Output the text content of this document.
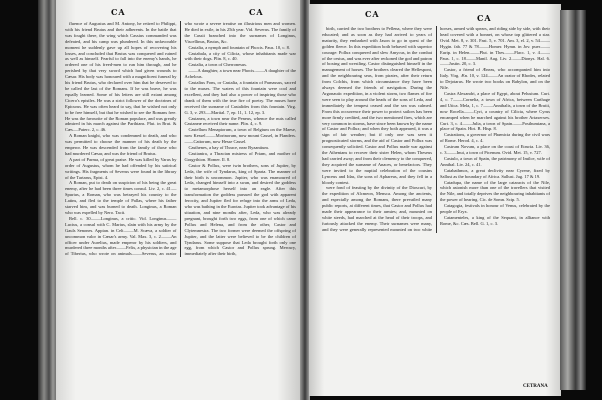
CA	CA

fluence of Augustus and M. Antony, he retired to Philippi, with his friend Brutus and their adherents. In the battle that was fought there, the wing which Cassius commanded was defeated, and his camp was plundered. In this unfavorable moment he suddenly gave up all hopes of recovering his losses, and concluded that Brutus was conquered and ruined as well as himself. Fearful to fall into the enemy's hands, he ordered one of his freed-men to run him through, and he perished by that very sword which had given wounds to Cæsar. His body was honoured with a magnificent funeral by his friend Brutus, who declared over him that he deserved to be called the last of the Romans. If he was brave, he was equally learned. Some of his letters are still extant among Cicero's epistles. He was a strict follower of the doctrines of Epicurus. He was often heard to say, that he wished not only to be free himself, but that he wished to see the Romans free. He was the favourite of the Roman populace, and was greatly admired in his march against the Parthians. Plut. in Brut. & Cæs.—Paterc. 2, c. 46.

A Roman knight, who was condemned to death, and who was permitted to choose the manner of his death by the emperor. He was descended from the family of those who had murdered Cæsar, and was the friend of Brutus.

A part of Parma, of great praise. He was killed by Varus by order of Augustus, whom he had offended by his satirical writings. His fragments of Severus were found in the library of the Tartarus, Epist. 4.

A Roman, put to death on suspicion of his being the great enemy, after he had been three times consul. Liv. 2, c. 41.—Spurius, a Roman, who was betrayed his country to the Latins, and fled to the temple of Pallas, where his father starved him, and was burned to death. Longinus, a Roman who was expelled by Nero. Tacit.

Bell. c. 30.——Longinus, a critic. Vid. Longinus.——Lucius, a consul with C. Marius, slain with his army by the Gauls Senones. Appian. in Celt.——M. Scæva, a soldier of uncommon valor in Cæsar's army. Val. Max. 3, c. 2.——An officer under Aurelius, made emperor by his soldiers, and murdered three months after.——Felix, a physician in the age of Tiberius, who wrote on animals.——Severus, an orator who wrote a severe treatise on illustrious men and women. He died in exile, in his 25th year. Vid. Severus. The family of the Cassii branched into the surnames of Longinus, Viscellinus, Brutus, &c.

Castalia, a nymph and fountain of Phocis. Paus. 10, c. 8.

Castabala, a city of Cilicia, whose inhabitants made war with their dogs. Plin. 8, c. 40.

Castalia, a town of Cherronesus.

——A daughter, a town near Phocis.——A daughter of the Achelous.

Castalius Fons, or Castalia, a fountain of Parnassus, sacred to the muses. The waters of this fountain were cool and excellent, and they had also a power of inspiring those who drank of them with the true fire of poetry. The muses have received the surname of Castalides from this fountain. Virg. G. 3, v. 293.—Martial. 7, ep. 11, 1. 12, ep. 3.

Castanea, a town near the Peneus, whence the nuts called Castaneæ received their name. Plin. 4, c. 9.

Castellum Menapiorum, a town of Belgium on the Maese, now Kessel.——Morinorum, now mount Cassel, in Flanders.——Cattorum, now Hesse Cassel.

Casthenes, a bay of Thrace, near Byzantium.

Castianira, a Thracian mistress of Priam, and mother of Gorgythion. Homer. Il. 8.

Castor & Pollux, were twin brothers, sons of Jupiter, by Leda, the wife of Tyndarus, king of Sparta. The manner of their birth is uncommon. Jupiter, who was enamoured of Leda, changed himself into a swan, and desired the goddess to metamorphose herself into an eagle. After this transformation the goddess pursued the god with apparent ferocity, and Jupiter fled for refuge into the arms of Leda, who was bathing in the Eurotas. Jupiter took advantage of his situation, and nine months after, Leda, who was already pregnant, brought forth two eggs, from one of which came Pollux and Helena, and from the other, Castor and Clytemnestra. The two former were deemed the offspring of Jupiter, and the latter were believed to be the children of Tyndarus. Some suppose that Leda brought forth only one egg, from which Castor and Pollux sprung. Mercury, immediately after their birth,

CA	CA

birth, carried the two brothers to Pellena, where they were educated; and as soon as they had arrived to years of maturity, they embarked with Jason to go in quest of the golden fleece. In this expedition both behaved with superior courage: Pollux conquered and slew Amycus, in the combat of the cestus, and was ever after reckoned the god and patron of boxing and wrestling. Castor distinguished himself in the management of horses. The brothers cleared the Hellespont, and the neighbouring seas, from pirates, after their return from Colchis, from which circumstance they have been always deemed the friends of navigation. During the Argonautic expedition, in a violent storm, two flames of fire were seen to play around the heads of the sons of Leda, and immediately the tempest ceased and the sea was calmed. From this occurrence their power to protect sailors has been more firmly credited, and the two mentioned fires, which are very common in storms, have since been known by the name of Castor and Pollux; and when they both appeared, it was a sign of fair weather; but if only one was seen it prognosticated storms, and the aid of Castor and Pollux was consequently solicited. Castor and Pollux made war against the Athenians to recover their sister Helen, whom Theseus had carried away; and from their clemency to the conquered, they acquired the surname of Anaces, or benefactors. They were invited to the nuptial celebration of the cousins Lynceus and Idas, the sons of Aphareus, and they fell in a bloody contest.

were fond of feasting by the divinity of the Dioscuri, by the expedition of Alcmeon, Mensca. Among the ancients, and especially among the Romans, there prevailed many public reports, at different times, that Castor and Pollux had made their appearance to their armies; and, mounted on white steeds, had marched at the head of their troops, and furiously attacked the enemy. Their surnames were many, and they were generally represented mounted on two white horses, armed with spears, and riding side by side, with their head covered with a bonnet, on whose top glittered a star. Ovid. Met. 8, v. 301. Fast. 5, v. 701. Am. 3, el. 2, v. 54.——Hygin. fab. 77 & 78.——Homer. Hymn. in Jov. puer.——Eurip. in Helen.——Plut. in Thes.——Flacc. 1, v. 4.——Paus. 1, c. 18.——Manil. Aug. Liv. 2.——Dionys. Hal. 6.——Justin. 20, c. 3.

Castor, a friend of Æneas, who accompanied him into Italy. Virg. Æn. 10, v. 124.——An orator of Rhodes, related to Dejotarus. He wrote two books on Babylon, and on the Nile.

Castra Alexandri, a place of Egypt, about Pelusium. Curt. 4, c. 7.——Cornelia, a town of Africa, between Carthage and Utica. Mela, 1, c. 7.——Annibalis, a town of the Brutii, now Rocella.——Cyri, a country of Cilicia, where Cyrus encamped when he marched against his brother Artaxerxes. Curt. 3, c. 4.——Julia, a town of Spain.——Posthumiana, a place of Spain. Hirt. B. Hisp. 8.

Castrations, a governor of Phœnicia during the civil wars of Rome. Herod. 4, c. 4.

Castrum Novum, a place on the coast of Etruria. Liv. 36, c. 3.——Inui, a town of Picenum. Ovid. Met. 15, v. 727.

Castulo, a town of Spain, the patrimony of Imilce, wife of Annibal. Liv. 24, c. 41.

Catabathmos, a great declivity near Cyrene, fixed by Sallust as the boundary of Africa. Sallust. Jug. 17 & 19.

Catadupa, the name of the large cataracts of the Nile, which astonish more than one of the travellers that visited the Nile, and totally deprives the neighbouring inhabitants of the power of hearing. Cic. de Somn. Scip. 5.

Catagogia, festivals in honour of Venus, celebrated by the people of Eryx.

Catamenteles, a king of the Sequani, in alliance with Rome, &c. Cæs. Bell. G. 1, c. 3.

CETRANA
